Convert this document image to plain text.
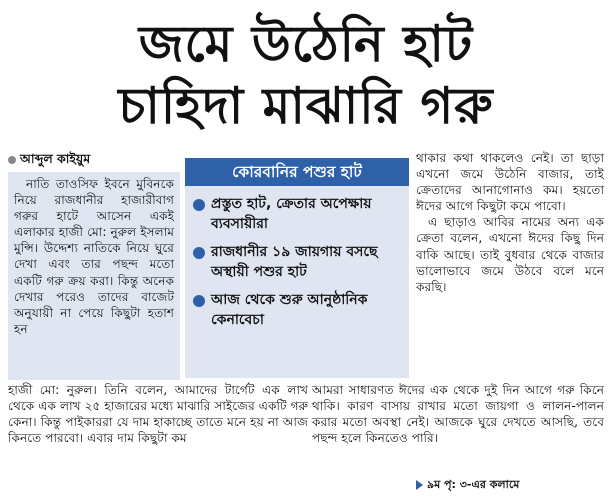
জমে উঠেনি হাট
চাহিদা মাঝারি গরু
আব্দুল কাইয়ুম

নাতি তাওসিফ ইবনে মুবিনকে নিয়ে রাজধানীর হাজারীবাগ গরুর হাটে আসেন একই এলাকার হাজী মো: নুরুল ইসলাম মুন্সি। উদ্দেশ্য নাতিকে নিয়ে ঘুরে দেখা এবং তার পছন্দ মতো একটি গরু ক্রয় করা। কিন্তু অনেক দেখার পরেও তাদের বাজেট অনুযায়ী না পেয়ে কিছুটা হতাশ হন

কোরবানির পশুর হাট
প্রস্তুত হাট, ক্রেতার অপেক্ষায় ব্যবসায়ীরা
রাজধানীর ১৯ জায়গায় বসছে অস্থায়ী পশুর হাট
আজ থেকে শুরু আনুষ্ঠানিক কেনাবেচা

থাকার কথা থাকলেও নেই। তা ছাড়া এখনো জমে উঠেনি বাজার, তাই ক্রেতাদের আনাগোনাও কম। হয়তো ঈদের আগে কিছুটা কমে পাবো।

এ ছাড়াও আবির নামের অন্য এক ক্রেতা বলেন, এখনো ঈদের কিছু দিন বাকি আছে। তাই বুধবার থেকে বাজার ভালোভাবে জমে উঠবে বলে মনে করছি।

হাজী মো: নুরুল। তিনি বলেন, আমাদের টার্গেট এক লাখ থেকে এক লাখ ২৫ হাজারের মধ্যে মাঝারি সাইজের একটি গরু কেনা। কিন্তু পাইকাররা যে দাম হাকাচ্ছে তাতে মনে হয় না আজ কিনতে পারবো। এবার দাম কিছুটা কম

আমরা সাধারণত ঈদের এক থেকে দুই দিন আগে গরু কিনে থাকি। কারণ বাসায় রাখার মতো জায়গা ও লালন-পালন করার মতো অবস্থা নেই। আজকে ঘুরে দেখতে আসছি, তবে পছন্দ হলে কিনতেও পারি।

৯ম পৃ: ৩-এর কলামে
